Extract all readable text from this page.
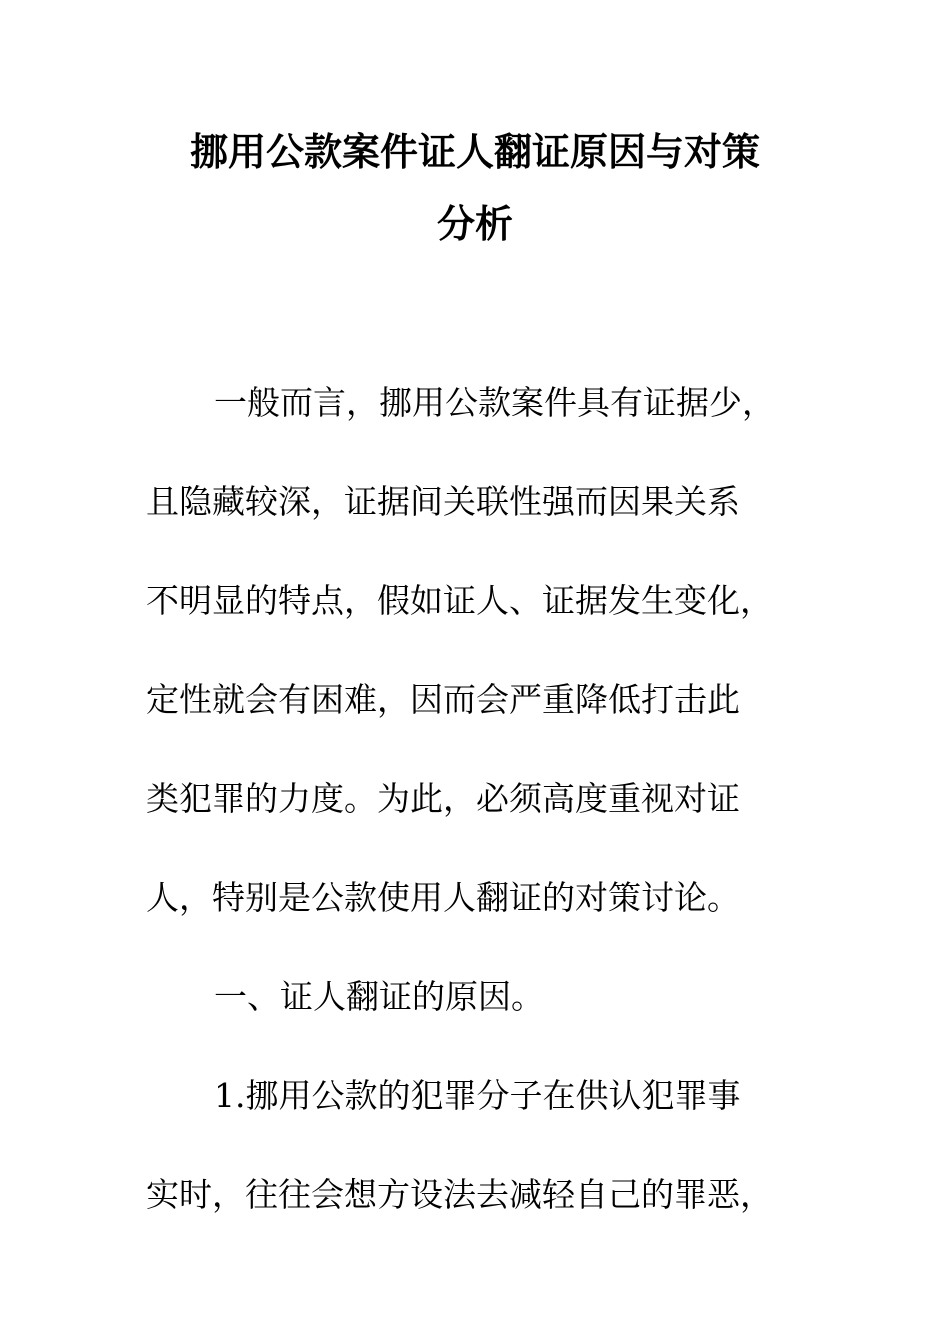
挪用公款案件证人翻证原因与对策
分析
一般而言，挪用公款案件具有证据少，
且隐藏较深，证据间关联性强而因果关系
不明显的特点，假如证人、证据发生变化，
定性就会有困难，因而会严重降低打击此
类犯罪的力度。为此，必须高度重视对证
人，特别是公款使用人翻证的对策讨论。
一、证人翻证的原因。
1.挪用公款的犯罪分子在供认犯罪事
实时，往往会想方设法去减轻自己的罪恶，
